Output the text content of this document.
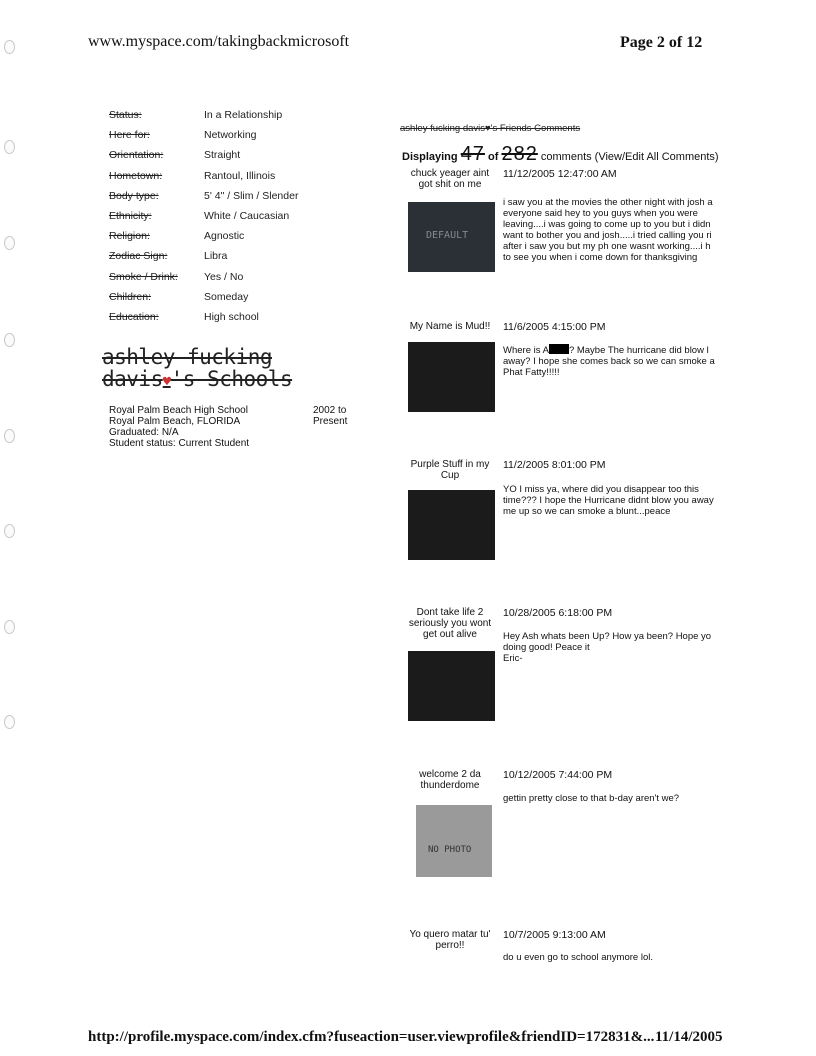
www.myspace.com/takingbackmicrosoft	Page 2 of 12
Status:	In a Relationship
Here for:	Networking
Orientation:	Straight
Hometown:	Rantoul, Illinois
Body type:	5' 4" / Slim / Slender
Ethnicity:	White / Caucasian
Religion:	Agnostic
Zodiac Sign:	Libra
Smoke / Drink: Yes / No
Children:	Someday
Education:	High school
ashley fucking
davis♥'s Schools
Royal Palm Beach High School
Royal Palm Beach, FLORIDA
Graduated: N/A
Student status: Current Student
2002 to
Present
ashley fucking davis♥'s Friends Comments
Displaying 47 of 282 comments (View/Edit All Comments)
chuck yeager aint got shit on me
11/12/2005 12:47:00 AM
i saw you at the movies the other night with josh a
everyone said hey to you guys when you were
leaving....i was going to come up to you but i didn
want to bother you and josh.....i tried calling you ri
after i saw you but my ph one wasnt working....i h
to see you when i come down for thanksgiving
DEFAULT
My Name is Mud!!	11/6/2005 4:15:00 PM
Where is A ? Maybe The hurricane did blow l
away? I hope she comes back so we can smoke a
Phat Fatty!!!!!
Purple Stuff in my Cup
11/2/2005 8:01:00 PM
YO I miss ya, where did you disappear too this
time??? I hope the Hurricane didnt blow you away
me up so we can smoke a blunt...peace
Dont take life 2 seriously you wont get out alive
10/28/2005 6:18:00 PM
Hey Ash whats been Up? How ya been? Hope yo
doing good! Peace it
Eric-
welcome 2 da thunderdome
10/12/2005 7:44:00 PM
gettin pretty close to that b-day aren't we?
NO PHOTO
Yo quero matar tu' perro!!
10/7/2005 9:13:00 AM
do u even go to school anymore lol.
http://profile.myspace.com/index.cfm?fuseaction=user.viewprofile&friendID=172831&... 11/14/2005
